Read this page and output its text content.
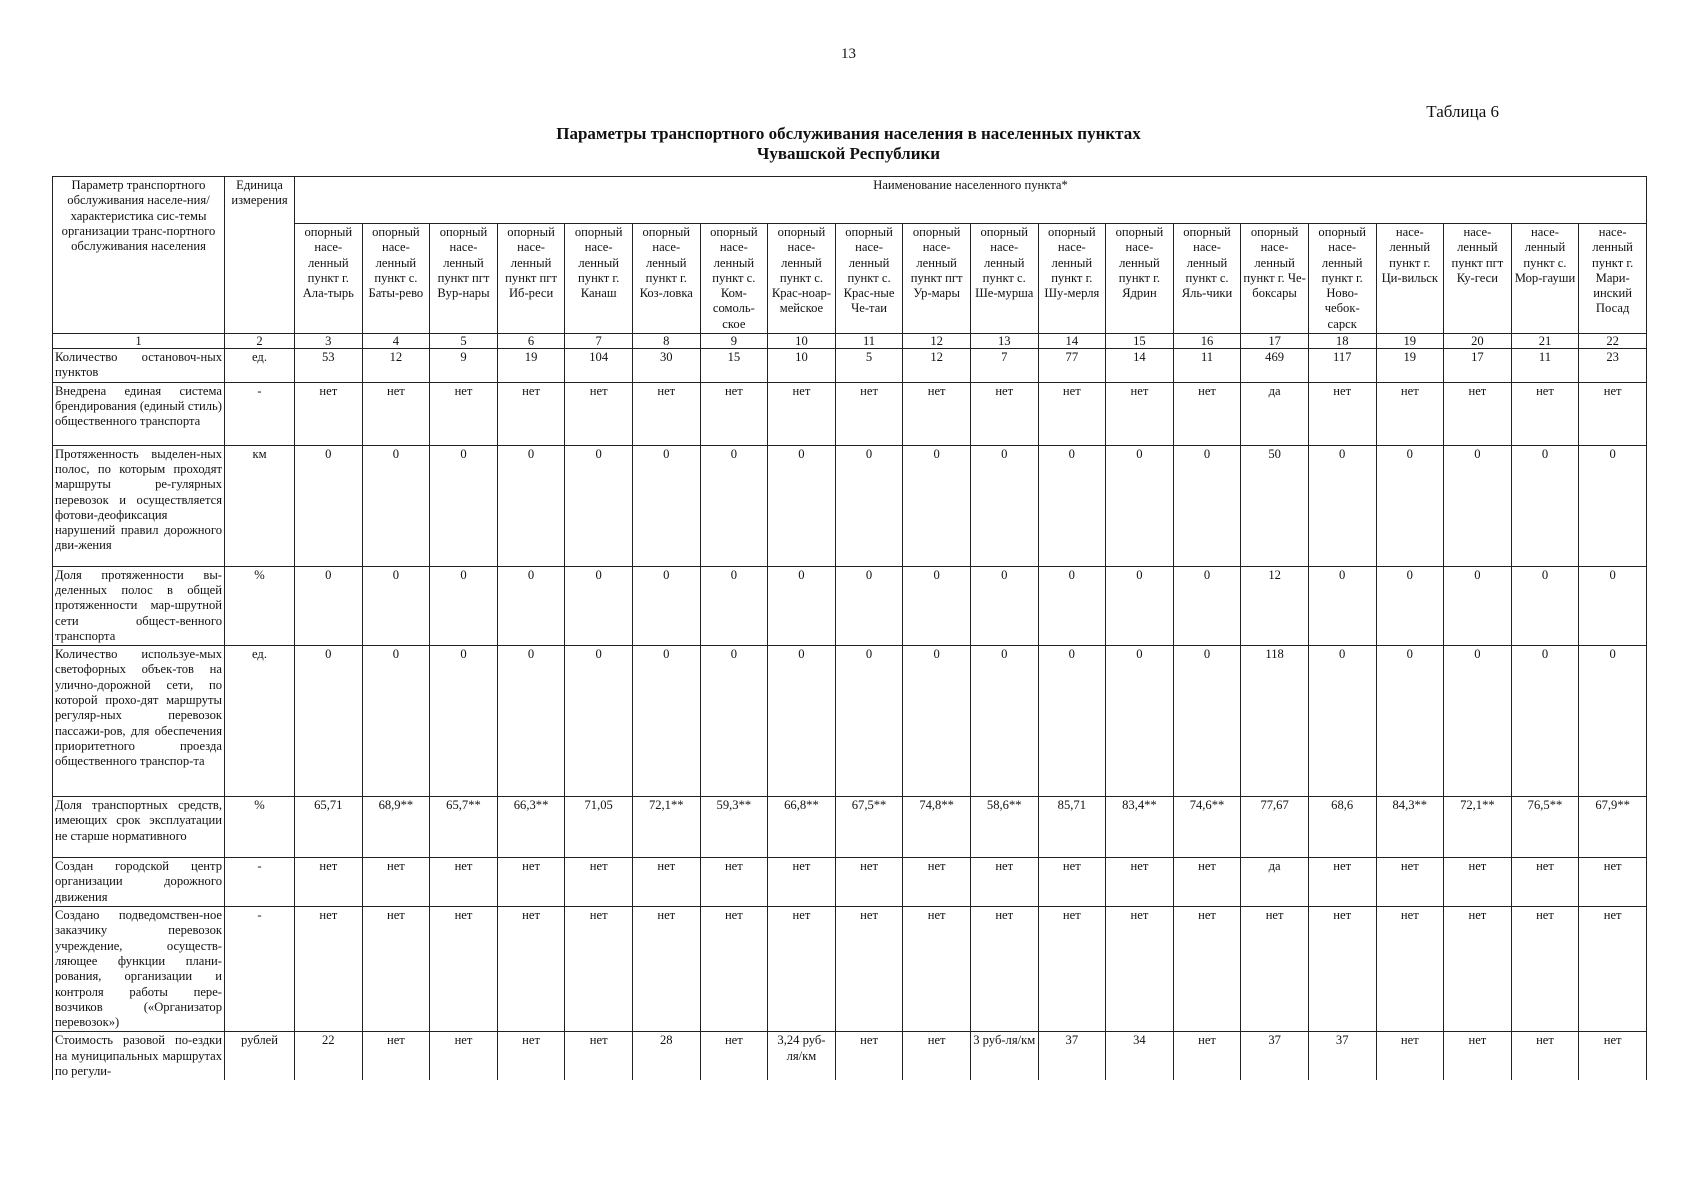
13
Таблица 6
Параметры транспортного обслуживания населения в населенных пунктах
Чувашской Республики
Параметр транспортного обслуживания населе-ния/характеристика сис-темы организации транс-портного обслуживания населения	Единица измерения	Наименование населенного пункта*																			
		опорный насе-ленный пункт г. Ала-тырь	опорный насе-ленный пункт с. Баты-рево	опорный насе-ленный пункт пгт Вур-нары	опорный насе-ленный пункт пгт Иб-реси	опорный насе-ленный пункт г. Канаш	опорный насе-ленный пункт г. Коз-ловка	опорный насе-ленный пункт с. Ком-сомоль-ское	опорный насе-ленный пункт с. Крас-ноар-мейское	опорный насе-ленный пункт с. Крас-ные Че-таи	опорный насе-ленный пункт пгт Ур-мары	опорный насе-ленный пункт с. Ше-мурша	опорный насе-ленный пункт г. Шу-мерля	опорный насе-ленный пункт г. Ядрин	опорный насе-ленный пункт с. Яль-чики	опорный насе-ленный пункт г. Че-боксары	опорный насе-ленный пункт г. Ново-чебок-сарск	насе-ленный пункт г. Ци-вильск	насе-ленный пункт пгт Ку-геси	насе-ленный пункт с. Мор-гауши	насе-ленный пункт г. Мари-инский Посад
1	2	3	4	5	6	7	8	9	10	11	12	13	14	15	16	17	18	19	20	21	22
Количество остановоч-ных пунктов	ед.	53	12	9	19	104	30	15	10	5	12	7	77	14	11	469	117	19	17	11	23
Внедрена единая система брендирования (единый стиль) общественного транспорта	-	нет	нет	нет	нет	нет	нет	нет	нет	нет	нет	нет	нет	нет	нет	да	нет	нет	нет	нет	нет
Протяженность выделен-ных полос, по которым проходят маршруты ре-гулярных перевозок и осуществляется фотови-деофиксация нарушений правил дорожного дви-жения	км	0	0	0	0	0	0	0	0	0	0	0	0	0	0	50	0	0	0	0	0
Доля протяженности вы-деленных полос в общей протяженности мар-шрутной сети общест-венного транспорта	%	0	0	0	0	0	0	0	0	0	0	0	0	0	0	12	0	0	0	0	0
Количество используе-мых светофорных объек-тов на улично-дорожной сети, по которой прохо-дят маршруты регуляр-ных перевозок пассажи-ров, для обеспечения приоритетного проезда общественного транспор-та	ед.	0	0	0	0	0	0	0	0	0	0	0	0	0	0	118	0	0	0	0	0
Доля транспортных средств, имеющих срок эксплуатации не старше нормативного	%	65,71	68,9**	65,7**	66,3**	71,05	72,1**	59,3**	66,8**	67,5**	74,8**	58,6**	85,71	83,4**	74,6**	77,67	68,6	84,3**	72,1**	76,5**	67,9**
Создан городской центр организации дорожного движения	-	нет	нет	нет	нет	нет	нет	нет	нет	нет	нет	нет	нет	нет	нет	да	нет	нет	нет	нет	нет
Создано подведомствен-ное заказчику перевозок учреждение, осуществ-ляющее функции плани-рования, организации и контроля работы пере-возчиков («Организатор перевозок»)	-	нет	нет	нет	нет	нет	нет	нет	нет	нет	нет	нет	нет	нет	нет	нет	нет	нет	нет	нет	нет
Стоимость разовой по-ездки на муниципальных маршрутах по регули-	рублей	22	нет	нет	нет	нет	28	нет	3,24 руб-ля/км	нет	нет	3 руб-ля/км	37	34	нет	37	37	нет	нет	нет	нет
